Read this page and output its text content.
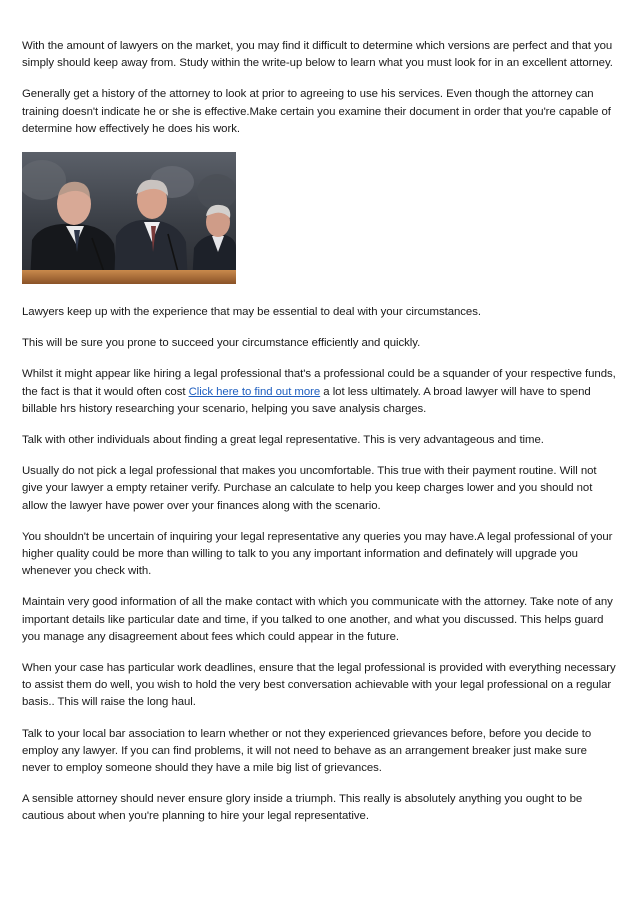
With the amount of lawyers on the market, you may find it difficult to determine which versions are perfect and that you simply should keep away from. Study within the write-up below to learn what you must look for in an excellent attorney.

Generally get a history of the attorney to look at prior to agreeing to use his services. Even though the attorney can training doesn't indicate he or she is effective.Make certain you examine their document in order that you're capable of determine how effectively he does his work.

Lawyers keep up with the experience that may be essential to deal with your circumstances.

This will be sure you prone to succeed your circumstance efficiently and quickly.

Whilst it might appear like hiring a legal professional that's a professional could be a squander of your respective funds, the fact is that it would often cost Click here to find out more a lot less ultimately. A broad lawyer will have to spend billable hrs history researching your scenario, helping you save analysis charges.

Talk with other individuals about finding a great legal representative. This is very advantageous and time.

Usually do not pick a legal professional that makes you uncomfortable. This true with their payment routine. Will not give your lawyer a empty retainer verify. Purchase an calculate to help you keep charges lower and you should not allow the lawyer have power over your finances along with the scenario.

You shouldn't be uncertain of inquiring your legal representative any queries you may have.A legal professional of your higher quality could be more than willing to talk to you any important information and definately will upgrade you whenever you check with.

Maintain very good information of all the make contact with which you communicate with the attorney. Take note of any important details like particular date and time, if you talked to one another, and what you discussed. This helps guard you manage any disagreement about fees which could appear in the future.

When your case has particular work deadlines, ensure that the legal professional is provided with everything necessary to assist them do well, you wish to hold the very best conversation achievable with your legal professional on a regular basis.. This will raise the long haul.

Talk to your local bar association to learn whether or not they experienced grievances before, before you decide to employ any lawyer. If you can find problems, it will not need to behave as an arrangement breaker just make sure never to employ someone should they have a mile big list of grievances.

A sensible attorney should never ensure glory inside a triumph. This really is absolutely anything you ought to be cautious about when you're planning to hire your legal representative.
